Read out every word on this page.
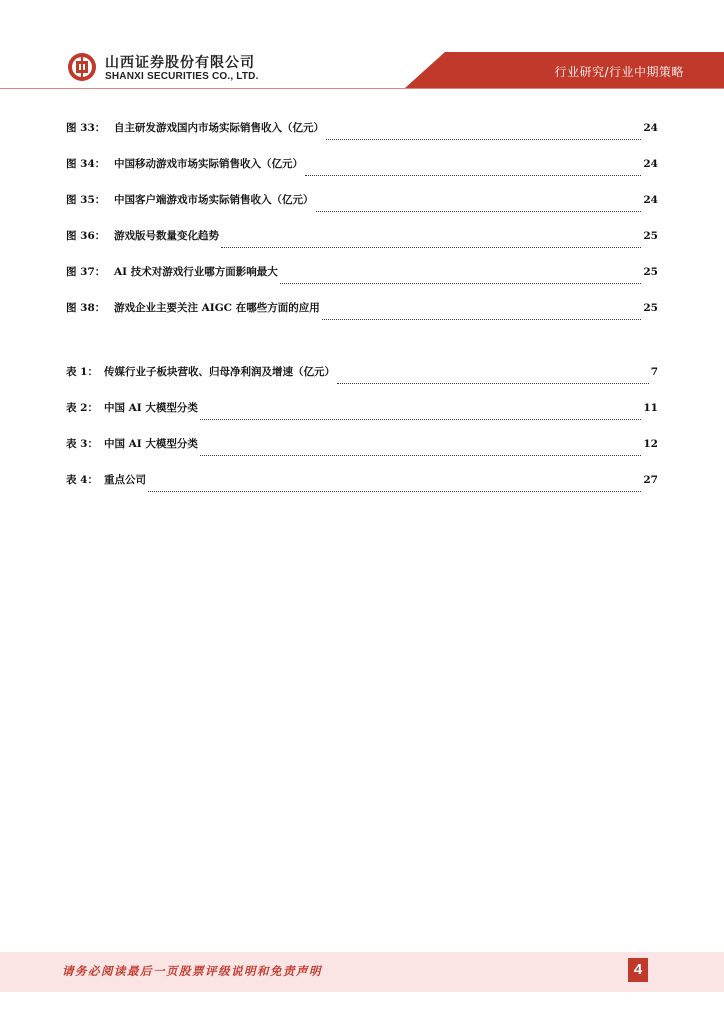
山西证券股份有限公司
SHANXI SECURITIES CO., LTD.	行业研究/行业中期策略
图 33： 自主研发游戏国内市场实际销售收入（亿元）	24
图 34： 中国移动游戏市场实际销售收入（亿元）	24
图 35： 中国客户端游戏市场实际销售收入（亿元）	24
图 36： 游戏版号数量变化趋势	25
图 37： AI 技术对游戏行业哪方面影响最大	25
图 38： 游戏企业主要关注 AIGC 在哪些方面的应用	25
表 1： 传媒行业子板块营收、归母净利润及增速（亿元）	7
表 2： 中国 AI 大模型分类	11
表 3： 中国 AI 大模型分类	12
表 4： 重点公司	27
请务必阅读最后一页股票评级说明和免责声明	4
